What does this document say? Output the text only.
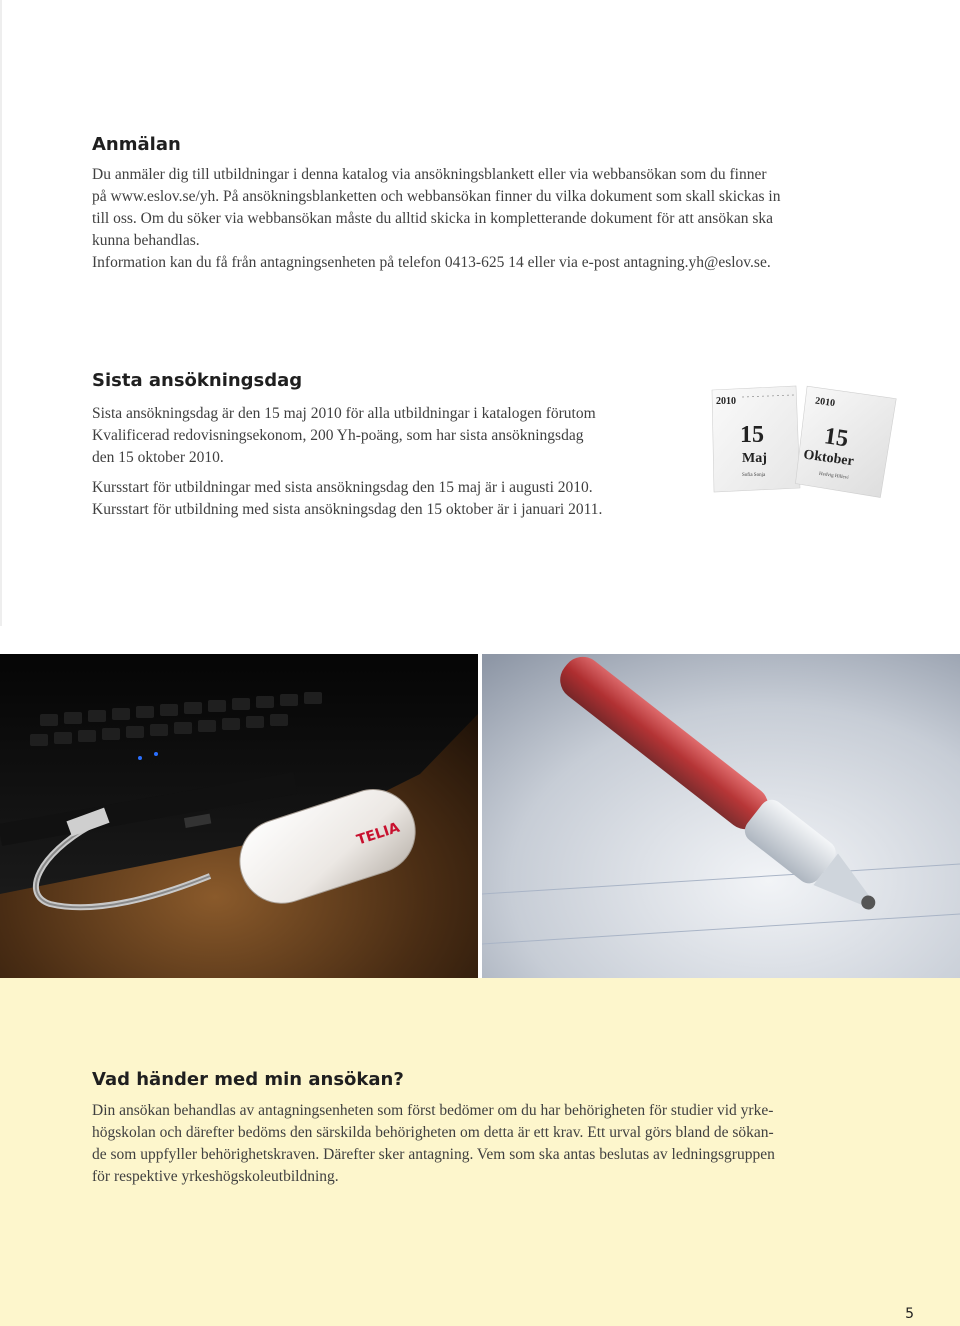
Anmälan
Du anmäler dig till utbildningar i denna katalog via ansökningsblankett eller via webbansökan som du finner
på www.eslov.se/yh. På ansökningsblanketten och webbansökan finner du vilka dokument som skall skickas in
till oss. Om du söker via webbansökan måste du alltid skicka in kompletterande dokument för att ansökan ska
kunna behandlas.
Information kan du få från antagningsenheten på telefon 0413-625 14 eller via e-post antagning.yh@eslov.se.
Sista ansökningsdag
Sista ansökningsdag är den 15 maj 2010 för alla utbildningar i katalogen förutom
Kvalificerad redovisningsekonom, 200 Yh-poäng, som har sista ansökningsdag
den 15 oktober 2010.
Kursstart för utbildningar med sista ansökningsdag den 15 maj är i augusti 2010.
Kursstart för utbildning med sista ansökningsdag den 15 oktober är i januari 2011.
2010
15
Maj
Sofia Sonja
2010
15
Oktober
Hedvig Hillevi
TELIA
Vad händer med min ansökan?
Din ansökan behandlas av antagningsenheten som först bedömer om du har behörigheten för studier vid yrke-
högskolan och därefter bedöms den särskilda behörigheten om detta är ett krav. Ett urval görs bland de sökan-
de som uppfyller behörighetskraven. Därefter sker antagning. Vem som ska antas beslutas av ledningsgruppen
för respektive yrkeshögskoleutbildning.
5
